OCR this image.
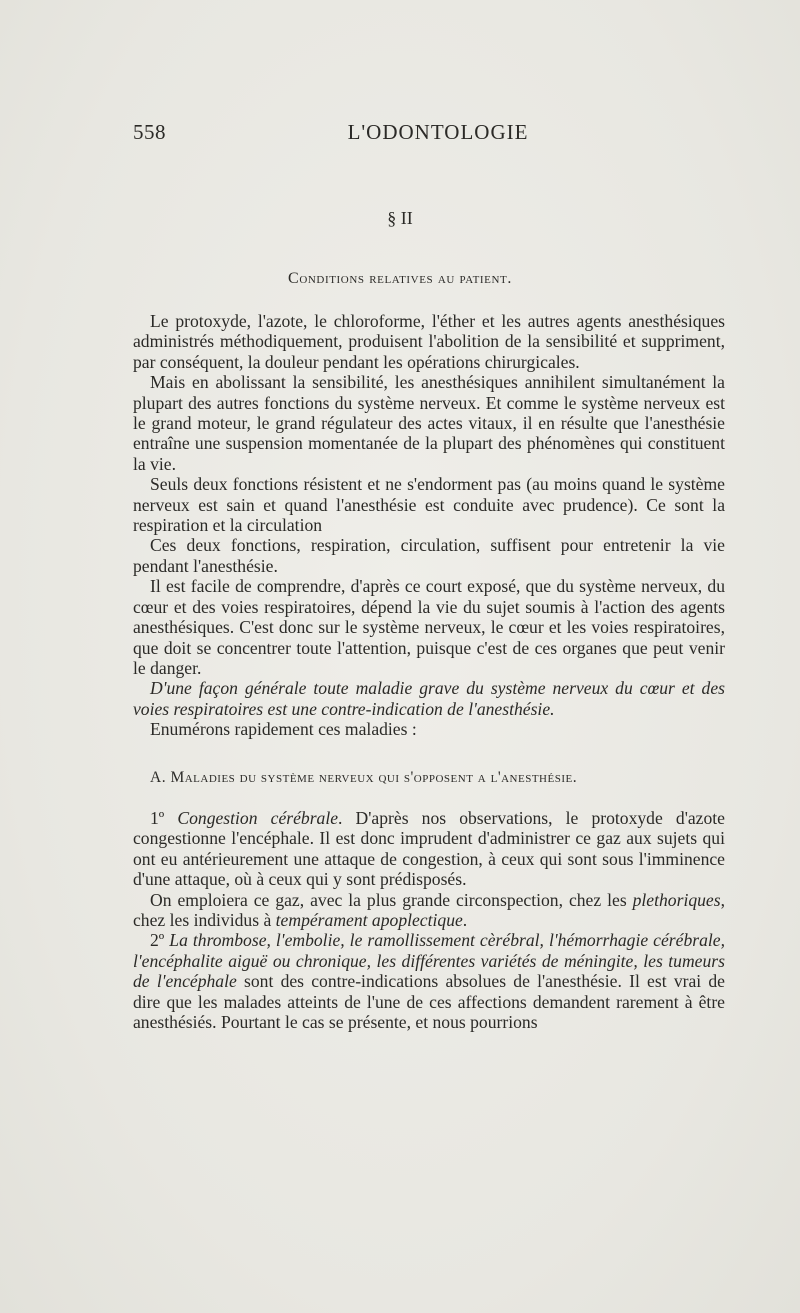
558	L'ODONTOLOGIE
§ II
Conditions relatives au patient.

Le protoxyde, l'azote, le chloroforme, l'éther et les autres agents anesthésiques administrés méthodiquement, produisent l'abolition de la sensibilité et suppriment, par conséquent, la douleur pendant les opérations chirurgicales.

Mais en abolissant la sensibilité, les anesthésiques annihilent simultanément la plupart des autres fonctions du système nerveux. Et comme le système nerveux est le grand moteur, le grand régulateur des actes vitaux, il en résulte que l'anesthésie entraîne une suspension momentanée de la plupart des phénomènes qui constituent la vie.

Seuls deux fonctions résistent et ne s'endorment pas (au moins quand le système nerveux est sain et quand l'anesthésie est conduite avec prudence). Ce sont la respiration et la circulation

Ces deux fonctions, respiration, circulation, suffisent pour entretenir la vie pendant l'anesthésie.

Il est facile de comprendre, d'après ce court exposé, que du système nerveux, du cœur et des voies respiratoires, dépend la vie du sujet soumis à l'action des agents anesthésiques. C'est donc sur le système nerveux, le cœur et les voies respiratoires, que doit se concentrer toute l'attention, puisque c'est de ces organes que peut venir le danger.

D'une façon générale toute maladie grave du système nerveux du cœur et des voies respiratoires est une contre-indication de l'anesthésie.

Enumérons rapidement ces maladies :

A. Maladies du système nerveux qui s'opposent a l'anesthésie.

1º Congestion cérébrale. D'après nos observations, le protoxyde d'azote congestionne l'encéphale. Il est donc imprudent d'administrer ce gaz aux sujets qui ont eu antérieurement une attaque de congestion, à ceux qui sont sous l'imminence d'une attaque, où à ceux qui y sont prédisposés.

On emploiera ce gaz, avec la plus grande circonspection, chez les plethoriques, chez les individus à tempérament apoplectique.

2º La thrombose, l'embolie, le ramollissement cèrébral, l'hémorrhagie cérébrale, l'encéphalite aiguë ou chronique, les différentes variétés de méningite, les tumeurs de l'encéphale sont des contre-indications absolues de l'anesthésie. Il est vrai de dire que les malades atteints de l'une de ces affections demandent rarement à être anesthésiés. Pourtant le cas se présente, et nous pourrions
